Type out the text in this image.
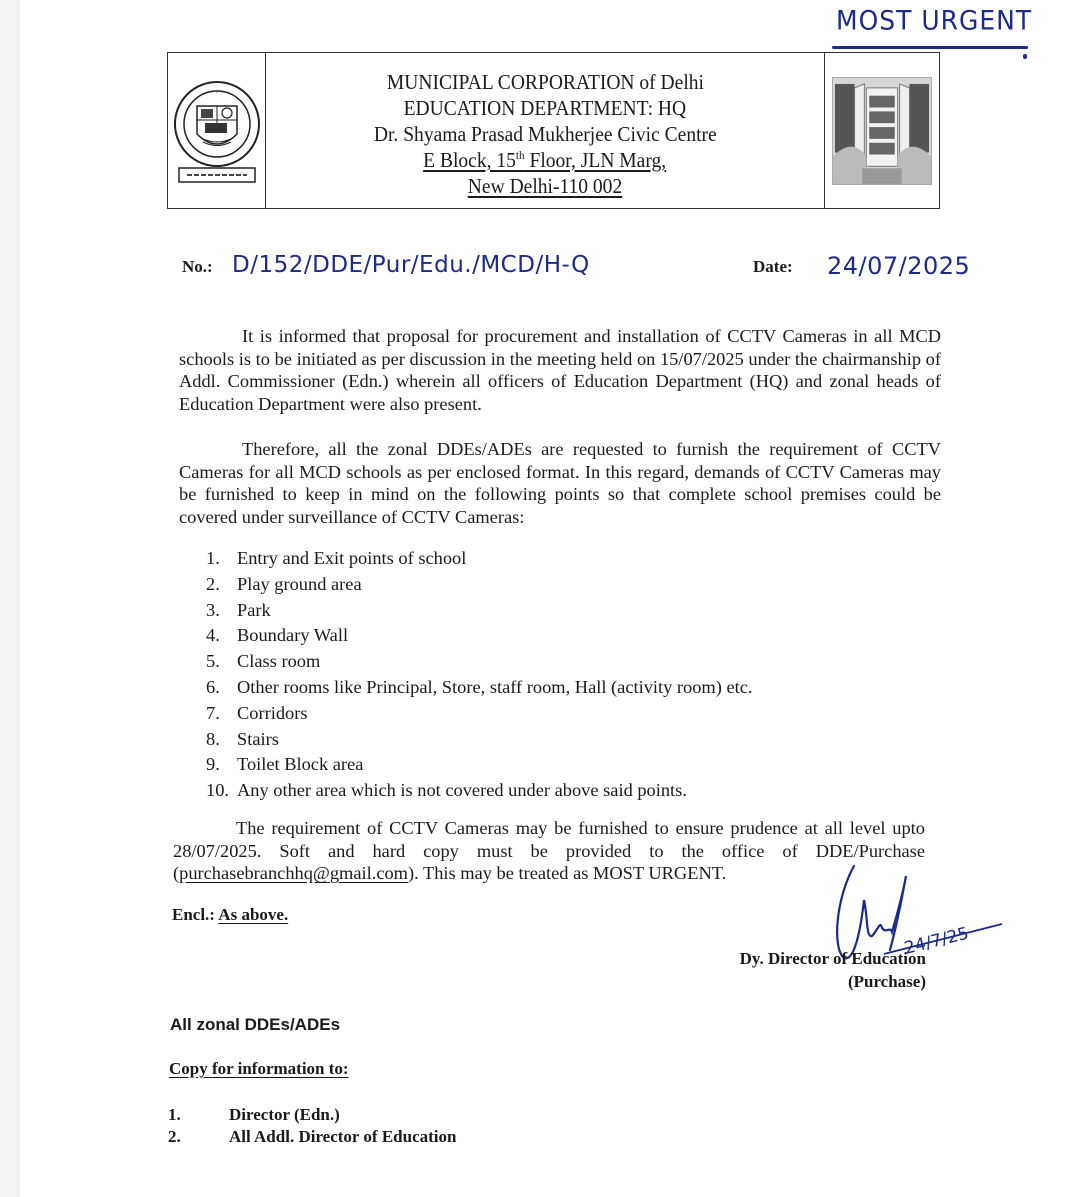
MOST URGENT
◦ ◦ ◦	MUNICIPAL CORPORATION of Delhi
EDUCATION DEPARTMENT: HQ
Dr. Shyama Prasad Mukherjee Civic Centre
E Block, 15th Floor, JLN Marg,
New Delhi-110 002
No.: D/152/DDE/Pur/Edu./MCD/H-Q	Date: 24/07/2025
It is informed that proposal for procurement and installation of CCTV Cameras in all MCD schools is to be initiated as per discussion in the meeting held on 15/07/2025 under the chairmanship of Addl. Commissioner (Edn.) wherein all officers of Education Department (HQ) and zonal heads of Education Department were also present.
Therefore, all the zonal DDEs/ADEs are requested to furnish the requirement of CCTV Cameras for all MCD schools as per enclosed format. In this regard, demands of CCTV Cameras may be furnished to keep in mind on the following points so that complete school premises could be covered under surveillance of CCTV Cameras:
1. Entry and Exit points of school
2. Play ground area
3. Park
4. Boundary Wall
5. Class room
6. Other rooms like Principal, Store, staff room, Hall (activity room) etc.
7. Corridors
8. Stairs
9. Toilet Block area
10. Any other area which is not covered under above said points.
The requirement of CCTV Cameras may be furnished to ensure prudence at all level upto 28/07/2025. Soft and hard copy must be provided to the office of DDE/Purchase (purchasebranchhq@gmail.com). This may be treated as MOST URGENT.
Encl.: As above.
24/7/25
Dy. Director of Education
(Purchase)
All zonal DDEs/ADEs
Copy for information to:
1.	Director (Edn.)
2.	All Addl. Director of Education
